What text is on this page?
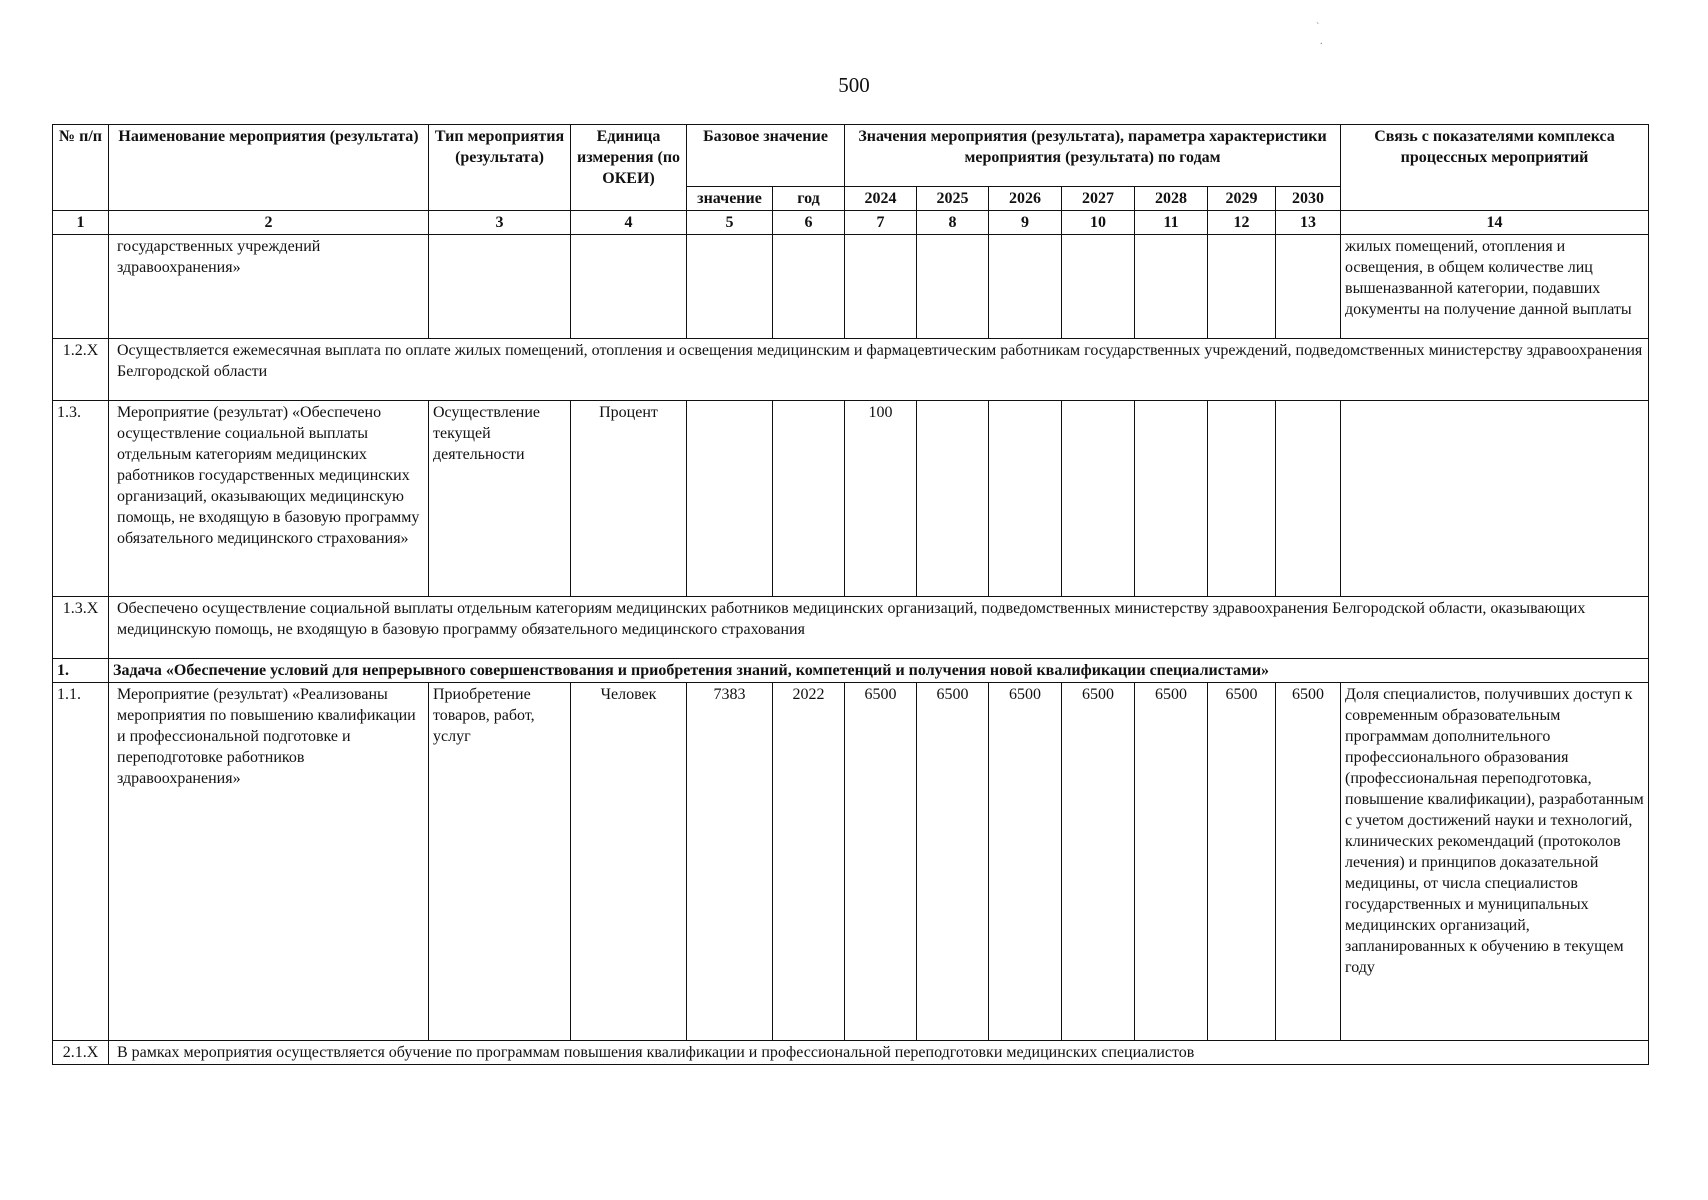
500
`
.
№ п/п	Наименование мероприятия (результата)	Тип мероприятия (результата)	Единица измерения (по ОКЕИ)	Базовое значение		Значения мероприятия (результата), параметра характеристики мероприятия (результата) по годам							Связь с показателями комплекса процессных мероприятий
				значение	год	2024	2025	2026	2027	2028	2029	2030	
1	2	3	4	5	6	7	8	9	10	11	12	13	14
	государственных учреждений здравоохранения»												жилых помещений, отопления и освещения, в общем количестве лиц вышеназванной категории, подавших документы на получение данной выплаты
1.2.X	Осуществляется ежемесячная выплата по оплате жилых помещений, отопления и освещения медицинским и фармацевтическим работникам государственных учреждений, подведомственных министерству здравоохранения Белгородской области												
1.3.	Мероприятие (результат) «Обеспечено осуществление социальной выплаты отдельным категориям медицинских работников государственных медицинских организаций, оказывающих медицинскую помощь, не входящую в базовую программу обязательного медицинского страхования»	Осуществление текущей деятельности	Процент			100							
1.3.X	Обеспечено осуществление социальной выплаты отдельным категориям медицинских работников медицинских организаций, подведомственных министерству здравоохранения Белгородской области, оказывающих медицинскую помощь, не входящую в базовую программу обязательного медицинского страхования												
1.	Задача «Обеспечение условий для непрерывного совершенствования и приобретения знаний, компетенций и получения новой квалификации специалистами»												
1.1.	Мероприятие (результат) «Реализованы мероприятия по повышению квалификации и профессиональной подготовке и переподготовке работников здравоохранения»	Приобретение товаров, работ, услуг	Человек	7383	2022	6500	6500	6500	6500	6500	6500	6500	Доля специалистов, получивших доступ к современным образовательным программам дополнительного профессионального образования (профессиональная переподготовка, повышение квалификации), разработанным с учетом достижений науки и технологий, клинических рекомендаций (протоколов лечения) и принципов доказательной медицины, от числа специалистов государственных и муниципальных медицинских организаций, запланированных к обучению в текущем году
2.1.X	В рамках мероприятия осуществляется обучение по программам повышения квалификации и профессиональной переподготовки медицинских специалистов												
